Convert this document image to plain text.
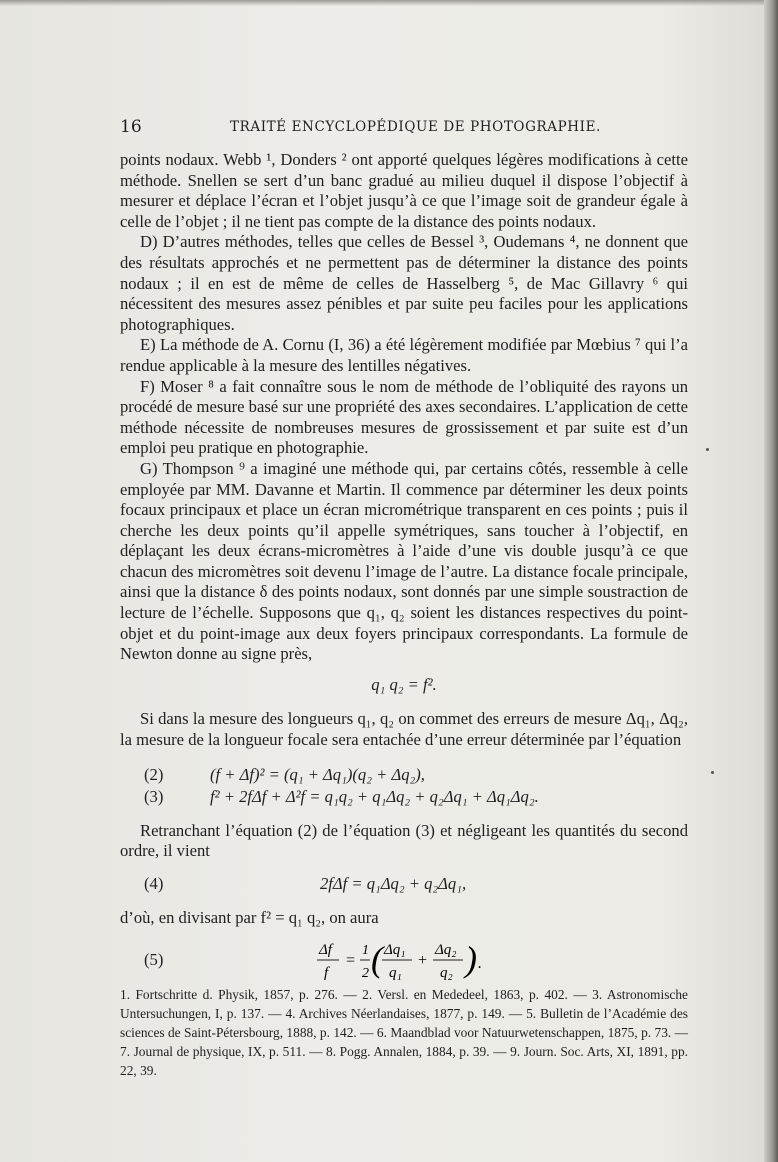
16	TRAITÉ ENCYCLOPÉDIQUE DE PHOTOGRAPHIE.

points nodaux. Webb ¹, Donders ² ont apporté quelques légères modifications à cette méthode. Snellen se sert d’un banc gradué au milieu duquel il dispose l’objectif à mesurer et déplace l’écran et l’objet jusqu’à ce que l’image soit de grandeur égale à celle de l’objet ; il ne tient pas compte de la distance des points nodaux.

D) D’autres méthodes, telles que celles de Bessel ³, Oudemans ⁴, ne donnent que des résultats approchés et ne permettent pas de déterminer la distance des points nodaux ; il en est de même de celles de Hasselberg ⁵, de Mac Gillavry ⁶ qui nécessitent des mesures assez pénibles et par suite peu faciles pour les applications photographiques.

E) La méthode de A. Cornu (I, 36) a été légèrement modifiée par Mœbius ⁷ qui l’a rendue applicable à la mesure des lentilles négatives.

F) Moser ⁸ a fait connaître sous le nom de méthode de l’obliquité des rayons un procédé de mesure basé sur une propriété des axes secondaires. L’application de cette méthode nécessite de nombreuses mesures de grossissement et par suite est d’un emploi peu pratique en photographie.

G) Thompson ⁹ a imaginé une méthode qui, par certains côtés, ressemble à celle employée par MM. Davanne et Martin. Il commence par déterminer les deux points focaux principaux et place un écran micrométrique transparent en ces points ; puis il cherche les deux points qu’il appelle symétriques, sans toucher à l’objectif, en déplaçant les deux écrans-micromètres à l’aide d’une vis double jusqu’à ce que chacun des micromètres soit devenu l’image de l’autre. La distance focale principale, ainsi que la distance δ des points nodaux, sont donnés par une simple soustraction de lecture de l’échelle. Supposons que q₁, q₂ soient les distances respectives du point-objet et du point-image aux deux foyers principaux correspondants. La formule de Newton donne au signe près,

q₁ q₂ = f².

Si dans la mesure des longueurs q₁, q₂ on commet des erreurs de mesure Δq₁, Δq₂, la mesure de la longueur focale sera entachée d’une erreur déterminée par l’équation

(2)	(f + Δf)² = (q₁ + Δq₁)(q₂ + Δq₂),
(3)	f² + 2fΔf + Δ²f = q₁q₂ + q₁Δq₂ + q₂Δq₁ + Δq₁Δq₂.

Retranchant l’équation (2) de l’équation (3) et négligeant les quantités du second ordre, il vient

(4)	2fΔf = q₁Δq₂ + q₂Δq₁,

d’où, en divisant par f² = q₁ q₂, on aura

(5)	Δf
f
=
1
2 ( Δq₁
q₁
+
Δq₂
q₂ ) .

1. Fortschritte d. Physik, 1857, p. 276. — 2. Versl. en Mededeel, 1863, p. 402. — 3. Astronomische Untersuchungen, I, p. 137. — 4. Archives Néerlandaises, 1877, p. 149. — 5. Bulletin de l’Académie des sciences de Saint-Pétersbourg, 1888, p. 142. — 6. Maandblad voor Natuurwetenschappen, 1875, p. 73. — 7. Journal de physique, IX, p. 511. — 8. Pogg. Annalen, 1884, p. 39. — 9. Journ. Soc. Arts, XI, 1891, pp. 22, 39.
